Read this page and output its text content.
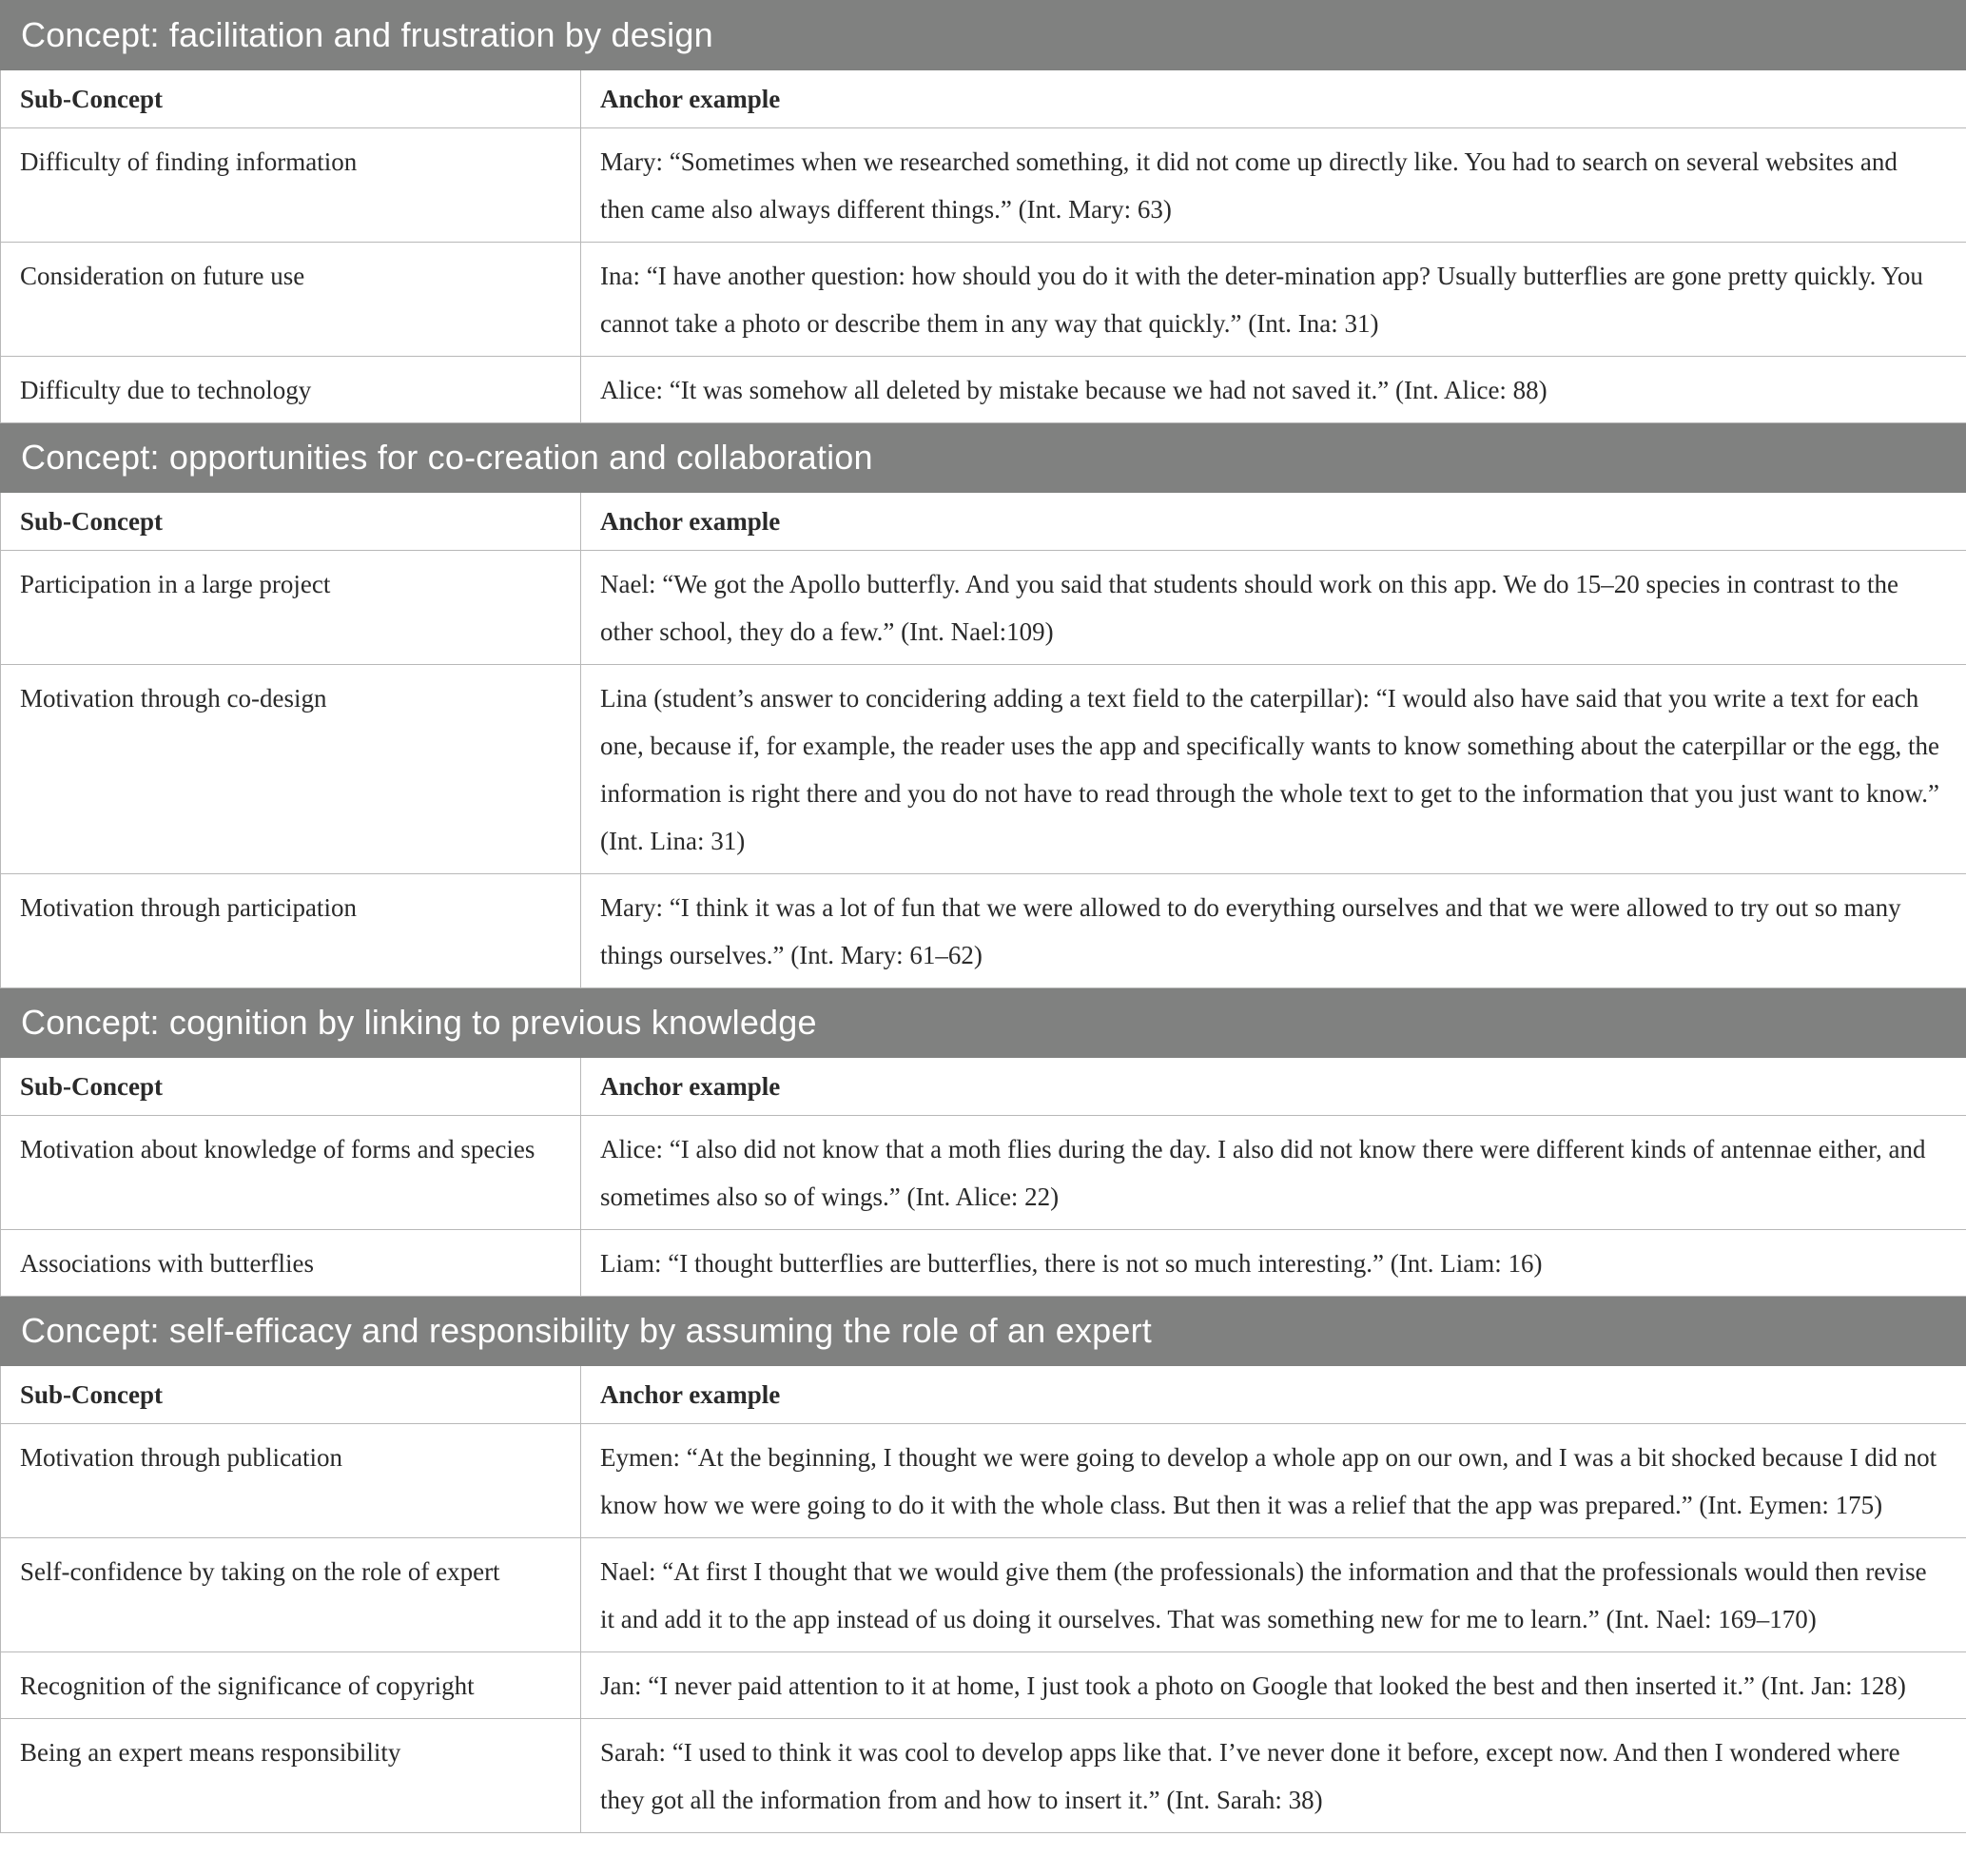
Concept: facilitation and frustration by design	
Sub-Concept	Anchor example
Difficulty of finding information	Mary: “Sometimes when we researched something, it did not come up directly like. You had to search on several websites and then came also always different things.” (Int. Mary: 63)
Consideration on future use	Ina: “I have another question: how should you do it with the deter-mination app? Usually butterflies are gone pretty quickly. You cannot take a photo or describe them in any way that quickly.” (Int. Ina: 31)
Difficulty due to technology	Alice: “It was somehow all deleted by mistake because we had not saved it.” (Int. Alice: 88)
Concept: opportunities for co-creation and collaboration	
Sub-Concept	Anchor example
Participation in a large project	Nael: “We got the Apollo butterfly. And you said that students should work on this app. We do 15–20 species in contrast to the other school, they do a few.” (Int. Nael:109)
Motivation through co-design	Lina (student’s answer to concidering adding a text field to the caterpillar): “I would also have said that you write a text for each one, because if, for example, the reader uses the app and specifically wants to know something about the caterpillar or the egg, the information is right there and you do not have to read through the whole text to get to the information that you just want to know.” (Int. Lina: 31)
Motivation through participation	Mary: “I think it was a lot of fun that we were allowed to do everything ourselves and that we were allowed to try out so many things ourselves.” (Int. Mary: 61–62)
Concept: cognition by linking to previous knowledge	
Sub-Concept	Anchor example
Motivation about knowledge of forms and species	Alice: “I also did not know that a moth flies during the day. I also did not know there were different kinds of antennae either, and sometimes also so of wings.” (Int. Alice: 22)
Associations with butterflies	Liam: “I thought butterflies are butterflies, there is not so much interesting.” (Int. Liam: 16)
Concept: self-efficacy and responsibility by assuming the role of an expert	
Sub-Concept	Anchor example
Motivation through publication	Eymen: “At the beginning, I thought we were going to develop a whole app on our own, and I was a bit shocked because I did not know how we were going to do it with the whole class. But then it was a relief that the app was prepared.” (Int. Eymen: 175)
Self-confidence by taking on the role of expert	Nael: “At first I thought that we would give them (the professionals) the information and that the professionals would then revise it and add it to the app instead of us doing it ourselves. That was something new for me to learn.” (Int. Nael: 169–170)
Recognition of the significance of copyright	Jan: “I never paid attention to it at home, I just took a photo on Google that looked the best and then inserted it.” (Int. Jan: 128)
Being an expert means responsibility	Sarah: “I used to think it was cool to develop apps like that. I’ve never done it before, except now. And then I wondered where they got all the information from and how to insert it.” (Int. Sarah: 38)
